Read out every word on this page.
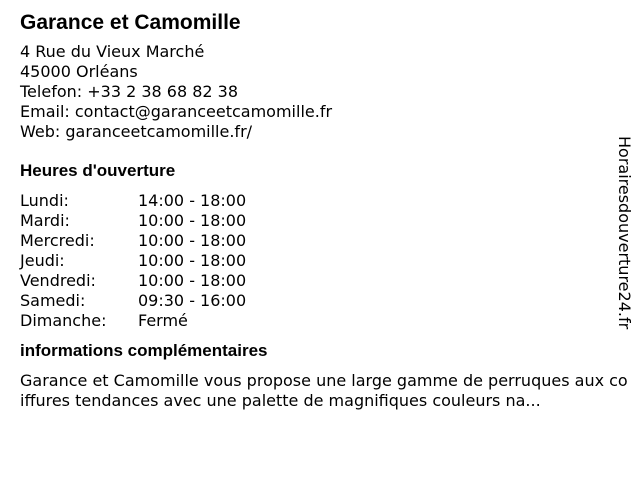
Garance et Camomille
4 Rue du Vieux Marché
45000 Orléans
Telefon: +33 2 38 68 82 38
Email: contact@garanceetcamomille.fr
Web: garanceetcamomille.fr/
Heures d'ouverture
Lundi:	14:00 - 18:00
Mardi:	10:00 - 18:00
Mercredi:	10:00 - 18:00
Jeudi:	10:00 - 18:00
Vendredi:	10:00 - 18:00
Samedi:	09:30 - 16:00
Dimanche:	Fermé
informations complémentaires

Garance et Camomille vous propose une large gamme de perruques aux coiffures tendances avec une palette de magnifiques couleurs na...

Horairesdouverture24.fr
